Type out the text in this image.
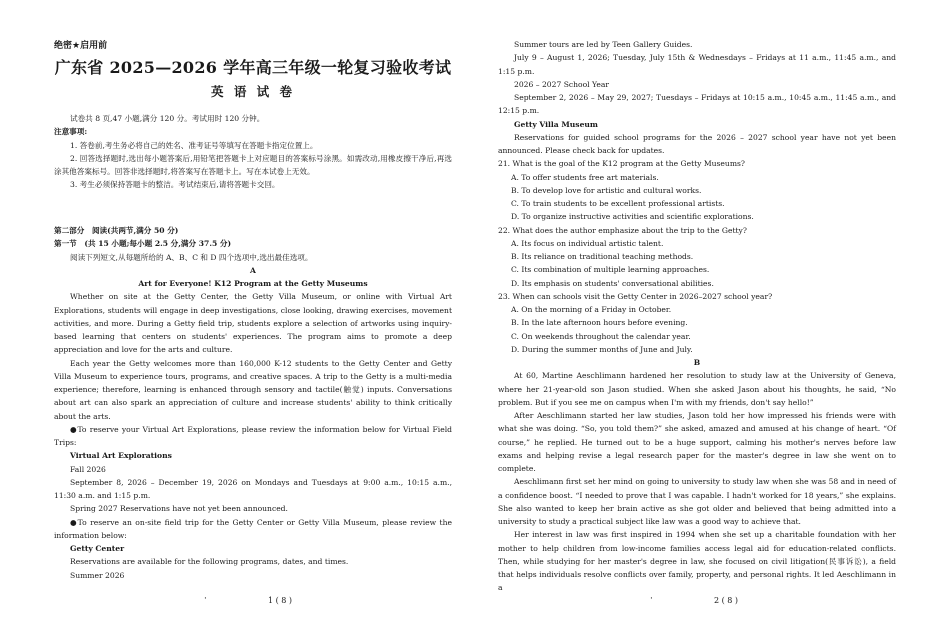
绝密★启用前
广东省 2025—2026 学年高三年级一轮复习验收考试
英 语 试 卷

试卷共 8 页,47 小题,满分 120 分。考试用时 120 分钟。

注意事项:

1. 答卷前,考生务必将自己的姓名、准考证号等填写在答题卡指定位置上。

2. 回答选择题时,选出每小题答案后,用铅笔把答题卡上对应题目的答案标号涂黑。如需改动,用橡皮擦干净后,再选涂其他答案标号。回答非选择题时,将答案写在答题卡上。写在本试卷上无效。

3. 考生必须保持答题卡的整洁。考试结束后,请将答题卡交回。

第二部分　阅读(共两节,满分 50 分)

第一节　(共 15 小题;每小题 2.5 分,满分 37.5 分)

阅读下列短文,从每题所给的 A、B、C 和 D 四个选项中,选出最佳选项。

A

Art for Everyone! K12 Program at the Getty Museums

Whether on site at the Getty Center, the Getty Villa Museum, or online with Virtual Art Explorations, students will engage in deep investigations, close looking, drawing exercises, movement activities, and more. During a Getty field trip, students explore a selection of artworks using inquiry-based learning that centers on students' experiences. The program aims to promote a deep appreciation and love for the arts and culture.

Each year the Getty welcomes more than 160,000 K-12 students to the Getty Center and Getty Villa Museum to experience tours, programs, and creative spaces. A trip to the Getty is a multi-media experience; therefore, learning is enhanced through sensory and tactile(触觉) inputs. Conversations about art can also spark an appreciation of culture and increase students' ability to think critically about the arts.

●To reserve your Virtual Art Explorations, please review the information below for Virtual Field Trips:

Virtual Art Explorations

Fall 2026

September 8, 2026 – December 19, 2026 on Mondays and Tuesdays at 9:00 a.m., 10:15 a.m., 11:30 a.m. and 1:15 p.m.

Spring 2027 Reservations have not yet been announced.

●To reserve an on-site field trip for the Getty Center or Getty Villa Museum, please review the information below:

Getty Center

Reservations are available for the following programs, dates, and times.

Summer 2026

·	1 ( 8 )

Summer tours are led by Teen Gallery Guides.

July 9 – August 1, 2026; Tuesday, July 15th & Wednesdays – Fridays at 11 a.m., 11:45 a.m., and 1:15 p.m.

2026 – 2027 School Year

September 2, 2026 – May 29, 2027; Tuesdays – Fridays at 10:15 a.m., 10:45 a.m., 11:45 a.m., and 12:15 p.m.

Getty Villa Museum

Reservations for guided school programs for the 2026 – 2027 school year have not yet been announced. Please check back for updates.

21. What is the goal of the K12 program at the Getty Museums?

A. To offer students free art materials.

B. To develop love for artistic and cultural works.

C. To train students to be excellent professional artists.

D. To organize instructive activities and scientific explorations.

22. What does the author emphasize about the trip to the Getty?

A. Its focus on individual artistic talent.

B. Its reliance on traditional teaching methods.

C. Its combination of multiple learning approaches.

D. Its emphasis on students' conversational abilities.

23. When can schools visit the Getty Center in 2026–2027 school year?

A. On the morning of a Friday in October.

B. In the late afternoon hours before evening.

C. On weekends throughout the calendar year.

D. During the summer months of June and July.

B

At 60, Martine Aeschlimann hardened her resolution to study law at the University of Geneva, where her 21-year-old son Jason studied. When she asked Jason about his thoughts, he said, “No problem. But if you see me on campus when I'm with my friends, don't say hello!”

After Aeschlimann started her law studies, Jason told her how impressed his friends were with what she was doing. “So, you told them?” she asked, amazed and amused at his change of heart. “Of course,” he replied. He turned out to be a huge support, calming his mother's nerves before law exams and helping revise a legal research paper for the master's degree in law she went on to complete.

Aeschlimann first set her mind on going to university to study law when she was 58 and in need of a confidence boost. “I needed to prove that I was capable. I hadn't worked for 18 years,” she explains. She also wanted to keep her brain active as she got older and believed that being admitted into a university to study a practical subject like law was a good way to achieve that.

Her interest in law was first inspired in 1994 when she set up a charitable foundation with her mother to help children from low-income families access legal aid for education-related conflicts. Then, while studying for her master's degree in law, she focused on civil litigation(民事诉讼), a field that helps individuals resolve conflicts over family, property, and personal rights. It led Aeschlimann in a

·	2 ( 8 )
